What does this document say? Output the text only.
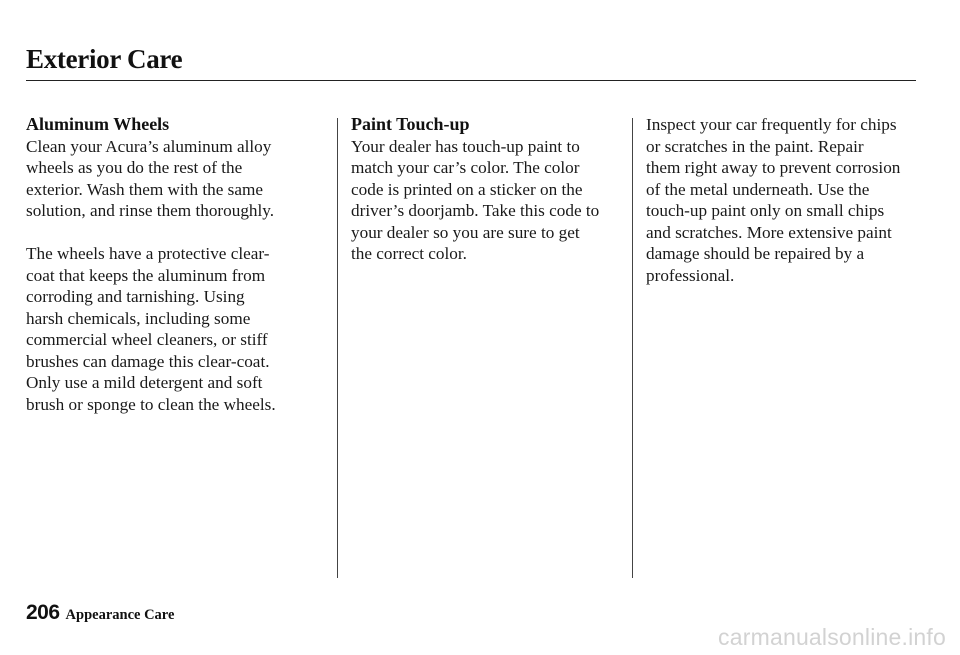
Exterior Care
Aluminum Wheels
Clean your Acura’s aluminum alloy
wheels as you do the rest of the
exterior. Wash them with the same
solution, and rinse them thoroughly.
The wheels have a protective clear-
coat that keeps the aluminum from
corroding and tarnishing. Using
harsh chemicals, including some
commercial wheel cleaners, or stiff
brushes can damage this clear-coat.
Only use a mild detergent and soft
brush or sponge to clean the wheels.
Paint Touch-up
Your dealer has touch-up paint to
match your car’s color. The color
code is printed on a sticker on the
driver’s doorjamb. Take this code to
your dealer so you are sure to get
the correct color.
Inspect your car frequently for chips
or scratches in the paint. Repair
them right away to prevent corrosion
of the metal underneath. Use the
touch-up paint only on small chips
and scratches. More extensive paint
damage should be repaired by a
professional.
206 Appearance Care
carmanualsonline.info
